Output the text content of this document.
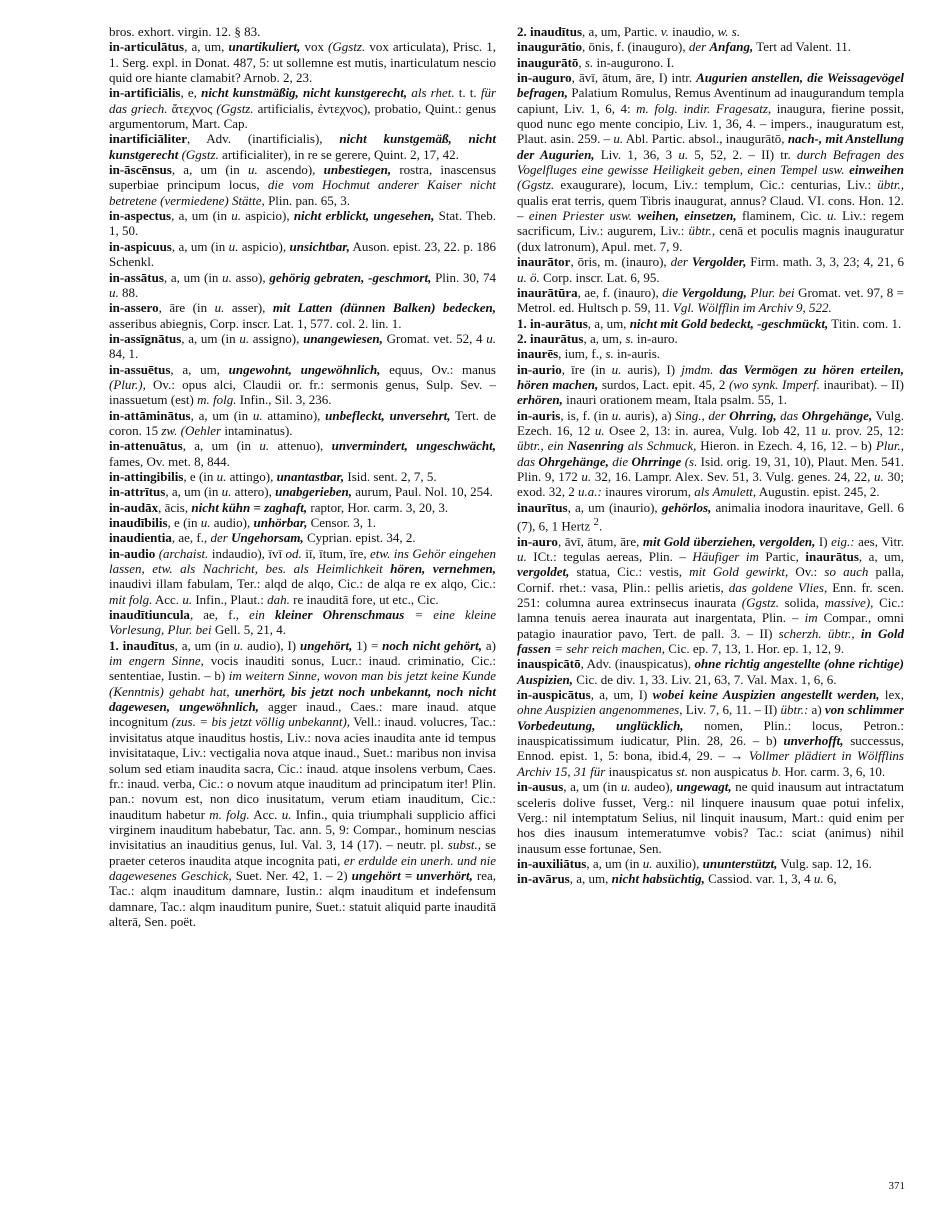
bros. exhort. virgin. 12. § 83.

in-articulātus, a, um, unartikuliert, vox (Ggstz. vox articulata), Prisc. 1, 1. Serg. expl. in Donat. 487, 5: ut sollemne est mutis, inarticulatum nescio quid ore hiante clamabit? Arnob. 2, 23.

in-artificiālis, e, nicht kunstmäßig, nicht kunstgerecht, als rhet. t. t. für das griech. ἄτεχνος (Ggstz. artificialis, ἐντεχνος), probatio, Quint.: genus argumentorum, Mart. Cap.

inartificiāliter, Adv. (inartificialis), nicht kunstgemäß, nicht kunstgerecht (Ggstz. artificialiter), in re se gerere, Quint. 2, 17, 42.

in-āscēnsus, a, um (in u. ascendo), unbestiegen, rostra, inascensus superbiae principum locus, die vom Hochmut anderer Kaiser nicht betretene (vermiedene) Stätte, Plin. pan. 65, 3.

in-aspectus, a, um (in u. aspicio), nicht erblickt, ungesehen, Stat. Theb. 1, 50.

in-aspicuus, a, um (in u. aspicio), unsichtbar, Auson. epist. 23, 22. p. 186 Schenkl.

in-assātus, a, um (in u. asso), gehörig gebraten, -geschmort, Plin. 30, 74 u. 88.

in-assero, āre (in u. asser), mit Latten (dünnen Balken) bedecken, asseribus abiegnis, Corp. inscr. Lat. 1, 577. col. 2. lin. 1.

in-assīgnātus, a, um (in u. assigno), unangewiesen, Gromat. vet. 52, 4 u. 84, 1.

in-assuētus, a, um, ungewohnt, ungewöhnlich, equus, Ov.: manus (Plur.), Ov.: opus alci, Claudii or. fr.: sermonis genus, Sulp. Sev. – inassuetum (est) m. folg. Infin., Sil. 3, 236.

in-attāminātus, a, um (in u. attamino), unbefleckt, unversehrt, Tert. de coron. 15 zw. (Oehler intaminatus).

in-attenuātus, a, um (in u. attenuo), unvermindert, ungeschwächt, fames, Ov. met. 8, 844.

in-attingibilis, e (in u. attingo), unantastbar, Isid. sent. 2, 7, 5.

in-attrītus, a, um (in u. attero), unabgerieben, aurum, Paul. Nol. 10, 254.

in-audāx, ācis, nicht kühn = zaghaft, raptor, Hor. carm. 3, 20, 3.

inaudībilis, e (in u. audio), unhörbar, Censor. 3, 1.

inaudientia, ae, f., der Ungehorsam, Cyprian. epist. 34, 2.

in-audio (archaist. indaudio), īvī od. iī, ītum, īre, etw. ins Gehör eingehen lassen, etw. als Nachricht, bes. als Heimlichkeit hören, vernehmen, inaudivi illam fabulam, Ter.: alqd de alqo, Cic.: de alqa re ex alqo, Cic.: mit folg. Acc. u. Infin., Plaut.: dah. re inauditā fore, ut etc., Cic.

inaudītiuncula, ae, f., ein kleiner Ohrenschmaus = eine kleine Vorlesung, Plur. bei Gell. 5, 21, 4.

1. inaudītus, a, um (in u. audio), I) ungehört, 1) = noch nicht gehört, a) im engern Sinne, vocis inauditi sonus, Lucr.: inaud. criminatio, Cic.: sententiae, Iustin. – b) im weitern Sinne, wovon man bis jetzt keine Kunde (Kenntnis) gehabt hat, unerhört, bis jetzt noch unbekannt, noch nicht dagewesen, ungewöhnlich, agger inaud., Caes.: mare inaud. atque incognitum (zus. = bis jetzt völlig unbekannt), Vell.: inaud. volucres, Tac.: invisitatus atque inauditus hostis, Liv.: nova acies inaudita ante id tempus invisitataque, Liv.: vectigalia nova atque inaud., Suet.: maribus non invisa solum sed etiam inaudita sacra, Cic.: inaud. atque insolens verbum, Caes. fr.: inaud. verba, Cic.: o novum atque inauditum ad principatum iter! Plin. pan.: novum est, non dico inusitatum, verum etiam inauditum, Cic.: inauditum habetur m. folg. Acc. u. Infin., quia triumphali supplicio affici virginem inauditum habebatur, Tac. ann. 5, 9: Compar., hominum nescias invisitatius an inauditius genus, Iul. Val. 3, 14 (17). – neutr. pl. subst., se praeter ceteros inaudita atque incognita pati, er erdulde ein unerh. und nie dagewesenes Geschick, Suet. Ner. 42, 1. – 2) ungehört = unverhört, rea, Tac.: alqm inauditum damnare, Iustin.: alqm inauditum et indefensum damnare, Tac.: alqm inauditum punire, Suet.: statuit aliquid parte inauditā alterā, Sen. poët.

2. inaudītus, a, um, Partic. v. inaudio, w. s.

inaugurātio, ōnis, f. (inauguro), der Anfang, Tert ad Valent. 11.

inaugurātō, s. in-augurono. I.

in-auguro, āvī, ātum, āre, I) intr. Augurien anstellen, die Weissagevögel befragen, Palatium Romulus, Remus Aventinum ad inaugurandum templa capiunt, Liv. 1, 6, 4: m. folg. indir. Fragesatz, inaugura, fierine possit, quod nunc ego mente concipio, Liv. 1, 36, 4. – impers., inauguratum est, Plaut. asin. 259. – u. Abl. Partic. absol., inaugurātō, nach-, mit Anstellung der Augurien, Liv. 1, 36, 3 u. 5, 52, 2. – II) tr. durch Befragen des Vogelfluges eine gewisse Heiligkeit geben, einen Tempel usw. einweihen (Ggstz. exaugurare), locum, Liv.: templum, Cic.: centurias, Liv.: übtr., qualis erat terris, quem Tibris inaugurat, annus? Claud. VI. cons. Hon. 12. – einen Priester usw. weihen, einsetzen, flaminem, Cic. u. Liv.: regem sacrificum, Liv.: augurem, Liv.: übtr., cenā et poculis magnis inauguratur (dux latronum), Apul. met. 7, 9.

inaurātor, ōris, m. (inauro), der Vergolder, Firm. math. 3, 3, 23; 4, 21, 6 u. ö. Corp. inscr. Lat. 6, 95.

inaurātūra, ae, f. (inauro), die Vergoldung, Plur. bei Gromat. vet. 97, 8 = Metrol. ed. Hultsch p. 59, 11. Vgl. Wölfflin im Archiv 9, 522.

1. in-aurātus, a, um, nicht mit Gold bedeckt, -geschmückt, Titin. com. 1.

2. inaurātus, a, um, s. in-auro.

inaurēs, ium, f., s. in-auris.

in-aurio, īre (in u. auris), I) jmdm. das Vermögen zu hören erteilen, hören machen, surdos, Lact. epit. 45, 2 (wo synk. Imperf. inauribat). – II) erhören, inauri orationem meam, Itala psalm. 55, 1.

in-auris, is, f. (in u. auris), a) Sing., der Ohrring, das Ohrgehänge, Vulg. Ezech. 16, 12 u. Osee 2, 13: in. aurea, Vulg. Iob 42, 11 u. prov. 25, 12: übtr., ein Nasenring als Schmuck, Hieron. in Ezech. 4, 16, 12. – b) Plur., das Ohrgehänge, die Ohrringe (s. Isid. orig. 19, 31, 10), Plaut. Men. 541. Plin. 9, 172 u. 32, 16. Lampr. Alex. Sev. 51, 3. Vulg. genes. 24, 22, u. 30; exod. 32, 2 u.a.: inaures virorum, als Amulett, Augustin. epist. 245, 2.

inaurītus, a, um (inaurio), gehörlos, animalia inodora inauritave, Gell. 6 (7), 6, 1 Hertz $^2$.

in-auro, āvī, ātum, āre, mit Gold überziehen, vergolden, I) eig.: aes, Vitr. u. ICt.: tegulas aereas, Plin. – Häufiger im Partic, inaurātus, a, um, vergoldet, statua, Cic.: vestis, mit Gold gewirkt, Ov.: so auch palla, Cornif. rhet.: vasa, Plin.: pellis arietis, das goldene Vlies, Enn. fr. scen. 251: columna aurea extrinsecus inaurata (Ggstz. solida, massive), Cic.: lamna tenuis aerea inaurata aut inargentata, Plin. – im Compar., omni patagio inauratior pavo, Tert. de pall. 3. – II) scherzh. übtr., in Gold fassen = sehr reich machen, Cic. ep. 7, 13, 1. Hor. ep. 1, 12, 9.

inauspicātō, Adv. (inauspicatus), ohne richtig angestellte (ohne richtige) Auspizien, Cic. de div. 1, 33. Liv. 21, 63, 7. Val. Max. 1, 6, 6.

in-auspicātus, a, um, I) wobei keine Auspizien angestellt werden, lex, ohne Auspizien angenommenes, Liv. 7, 6, 11. – II) übtr.: a) von schlimmer Vorbedeutung, unglücklich, nomen, Plin.: locus, Petron.: inauspicatissimum iudicatur, Plin. 28, 26. – b) unverhofft, successus, Ennod. epist. 1, 5: bona, ibid.4, 29. – → Vollmer plädiert in Wölfflins Archiv 15, 31 für inauspicatus st. non auspicatus b. Hor. carm. 3, 6, 10.

in-ausus, a, um (in u. audeo), ungewagt, ne quid inausum aut intractatum sceleris dolive fusset, Verg.: nil linquere inausum quae potui infelix, Verg.: nil intemptatum Selius, nil linquit inausum, Mart.: quid enim per hos dies inausum intemeratumve vobis? Tac.: sciat (animus) nihil inausum esse fortunae, Sen.

in-auxiliātus, a, um (in u. auxilio), ununterstützt, Vulg. sap. 12, 16.

in-avārus, a, um, nicht habsüchtig, Cassiod. var. 1, 3, 4 u. 6,

371
